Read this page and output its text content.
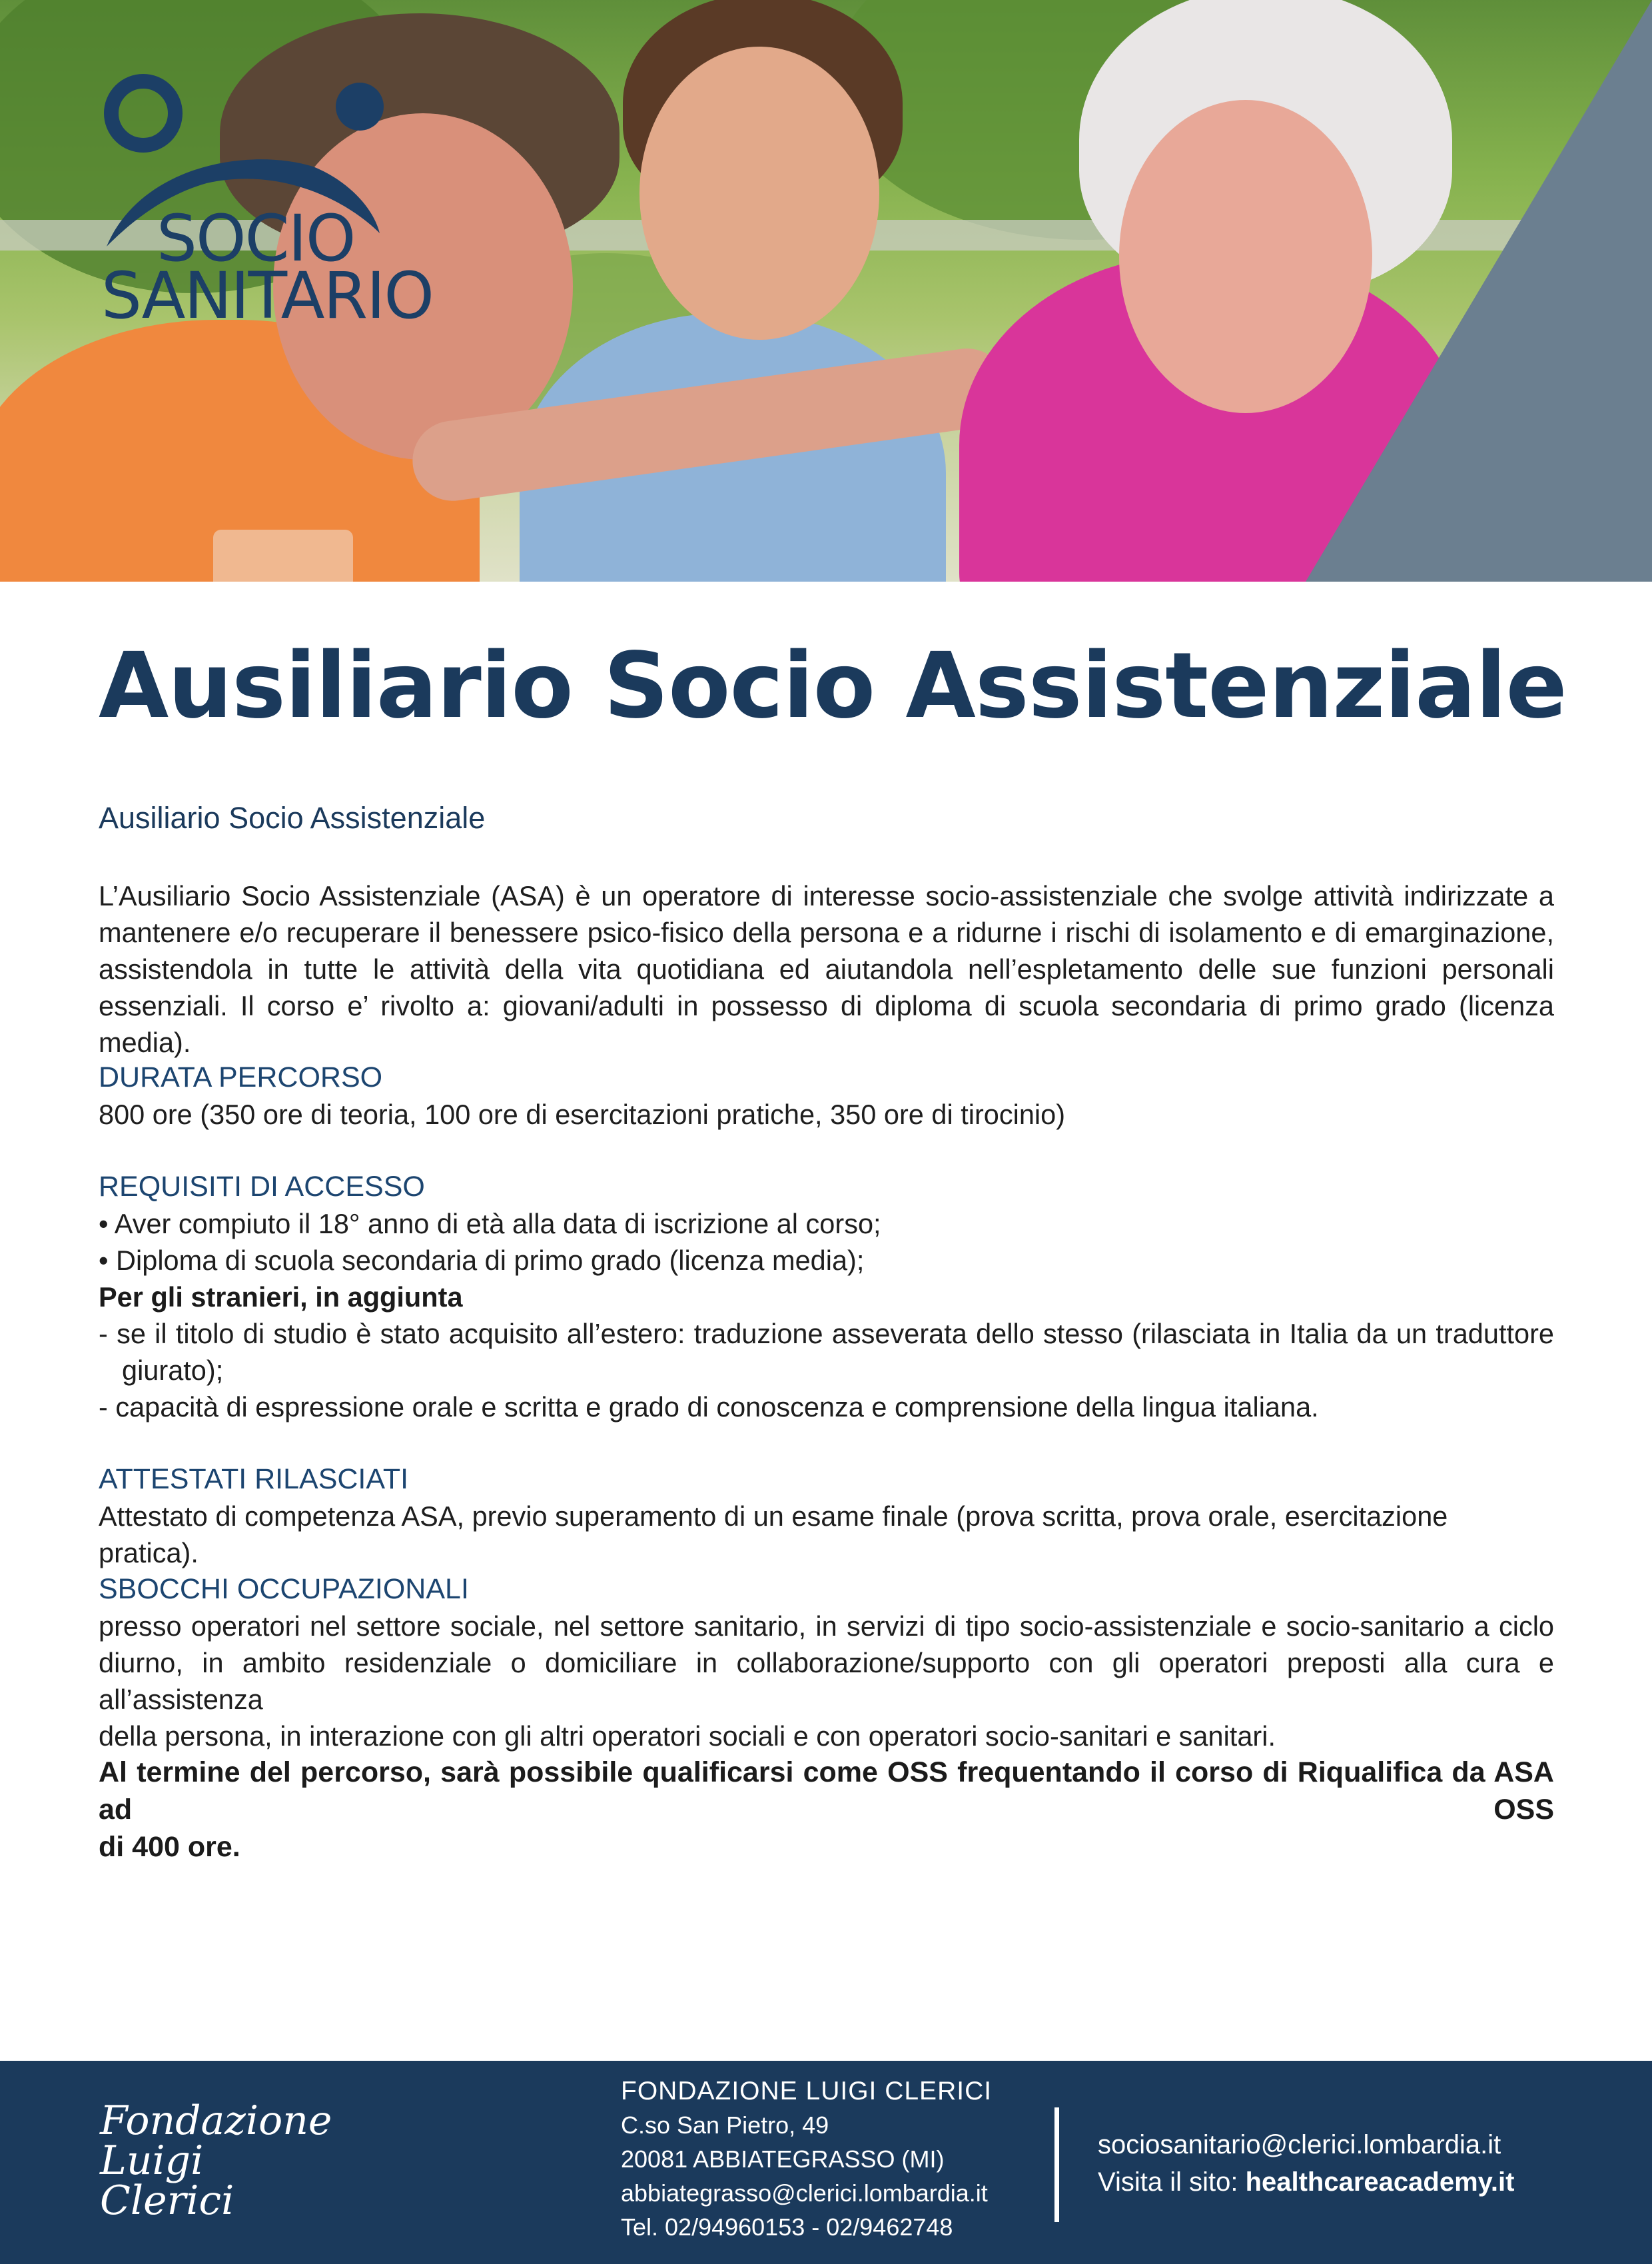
SOCIO
SANITARIO
Ausiliario Socio Assistenziale
Ausiliario Socio Assistenziale

L’Ausiliario Socio Assistenziale (ASA) è un operatore di interesse socio-assistenziale che svolge attività indirizzate a

mantenere e/o recuperare il benessere psico-fisico della persona e a ridurne i rischi di isolamento e di emarginazione,

assistendola in tutte le attività della vita quotidiana ed aiutandola nell’espletamento delle sue funzioni personali

essenziali. Il corso e’ rivolto a: giovani/adulti in possesso di diploma di scuola secondaria di primo grado (licenza media).

DURATA PERCORSO

800 ore (350 ore di teoria, 100 ore di esercitazioni pratiche, 350 ore di tirocinio)

REQUISITI DI ACCESSO

• Aver compiuto il 18° anno di età alla data di iscrizione al corso;

• Diploma di scuola secondaria di primo grado (licenza media);

Per gli stranieri, in aggiunta

- se il titolo di studio è stato acquisito all’estero: traduzione asseverata dello stesso (rilasciata in Italia da un traduttore

giurato);

- capacità di espressione orale e scritta e grado di conoscenza e comprensione della lingua italiana.

ATTESTATI RILASCIATI

Attestato di competenza ASA, previo superamento di un esame finale (prova scritta, prova orale, esercitazione pratica).

SBOCCHI OCCUPAZIONALI

presso operatori nel settore sociale, nel settore sanitario, in servizi di tipo socio-assistenziale e socio-sanitario a ciclo

diurno, in ambito residenziale o domiciliare in collaborazione/supporto con gli operatori preposti alla cura e all’assistenza

della persona, in interazione con gli altri operatori sociali e con operatori socio-sanitari e sanitari.

Al termine del percorso, sarà possibile qualificarsi come OSS frequentando il corso di Riqualifica da ASA ad OSS

di 400 ore.

Fondazione
Luigi
Clerici
FONDAZIONE LUIGI CLERICI
C.so San Pietro, 49
20081 ABBIATEGRASSO (MI)
abbiategrasso@clerici.lombardia.it
Tel. 02/94960153 - 02/9462748
sociosanitario@clerici.lombardia.it
Visita il sito: healthcareacademy.it
